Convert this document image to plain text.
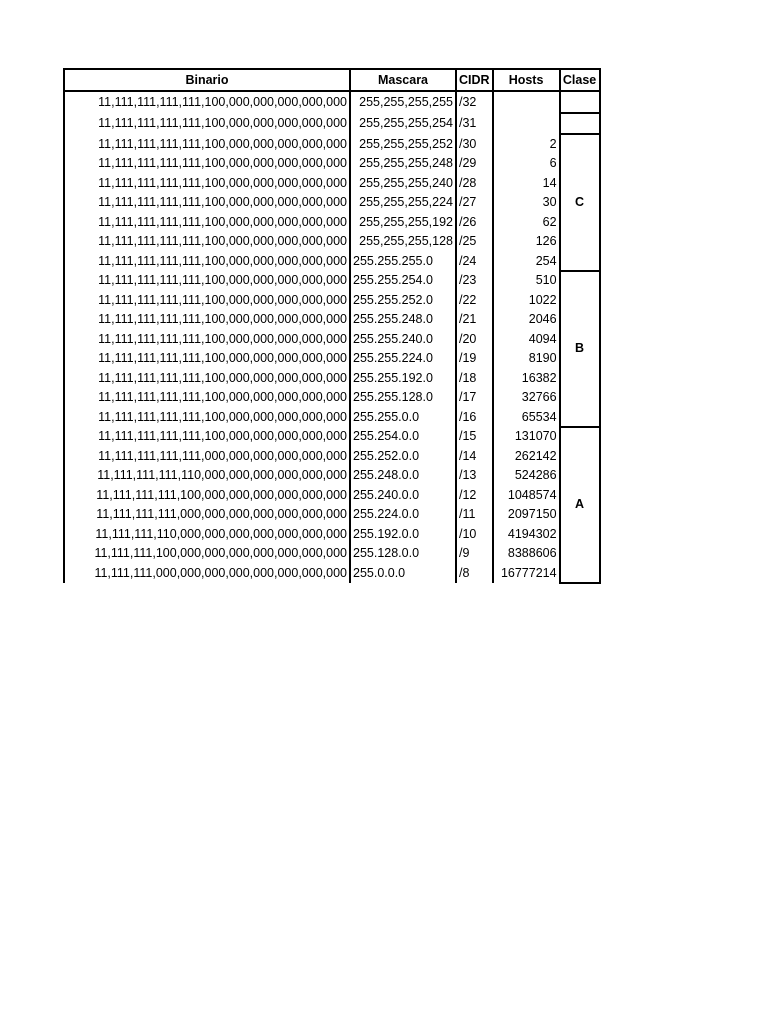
Binario	Mascara	CIDR	Hosts	Clase
11,111,111,111,111,100,000,000,000,000,000	255,255,255,255	/32		
11,111,111,111,111,100,000,000,000,000,000	255,255,255,254	/31		
11,111,111,111,111,100,000,000,000,000,000	255,255,255,252	/30	2	C
11,111,111,111,111,100,000,000,000,000,000	255,255,255,248	/29	6	
11,111,111,111,111,100,000,000,000,000,000	255,255,255,240	/28	14	
11,111,111,111,111,100,000,000,000,000,000	255,255,255,224	/27	30	
11,111,111,111,111,100,000,000,000,000,000	255,255,255,192	/26	62	
11,111,111,111,111,100,000,000,000,000,000	255,255,255,128	/25	126	
11,111,111,111,111,100,000,000,000,000,000	255.255.255.0	/24	254	
11,111,111,111,111,100,000,000,000,000,000	255.255.254.0	/23	510	B
11,111,111,111,111,100,000,000,000,000,000	255.255.252.0	/22	1022	
11,111,111,111,111,100,000,000,000,000,000	255.255.248.0	/21	2046	
11,111,111,111,111,100,000,000,000,000,000	255.255.240.0	/20	4094	
11,111,111,111,111,100,000,000,000,000,000	255.255.224.0	/19	8190	
11,111,111,111,111,100,000,000,000,000,000	255.255.192.0	/18	16382	
11,111,111,111,111,100,000,000,000,000,000	255.255.128.0	/17	32766	
11,111,111,111,111,100,000,000,000,000,000	255.255.0.0	/16	65534	
11,111,111,111,111,100,000,000,000,000,000	255.254.0.0	/15	131070	A
11,111,111,111,111,000,000,000,000,000,000	255.252.0.0	/14	262142	
11,111,111,111,110,000,000,000,000,000,000	255.248.0.0	/13	524286	
11,111,111,111,100,000,000,000,000,000,000	255.240.0.0	/12	1048574	
11,111,111,111,000,000,000,000,000,000,000	255.224.0.0	/11	2097150	
11,111,111,110,000,000,000,000,000,000,000	255.192.0.0	/10	4194302	
11,111,111,100,000,000,000,000,000,000,000	255.128.0.0	/9	8388606	
11,111,111,000,000,000,000,000,000,000,000	255.0.0.0	/8	16777214	
